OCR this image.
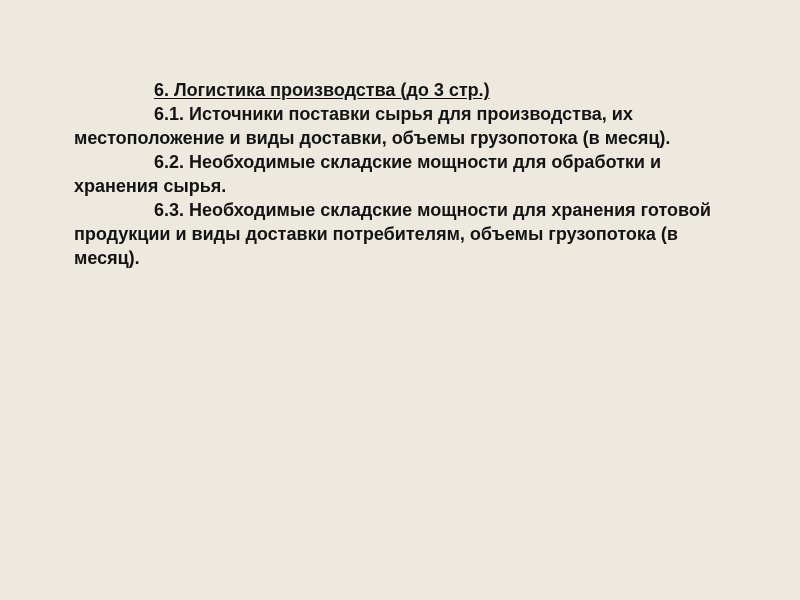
6. Логистика производства (до 3 стр.)

6.1. Источники поставки сырья для производства, их местоположение и виды доставки, объемы грузопотока (в месяц).

6.2. Необходимые складские мощности для обработки и хранения сырья.

6.3. Необходимые складские мощности для хранения готовой продукции и виды доставки потребителям, объемы грузопотока (в месяц).
